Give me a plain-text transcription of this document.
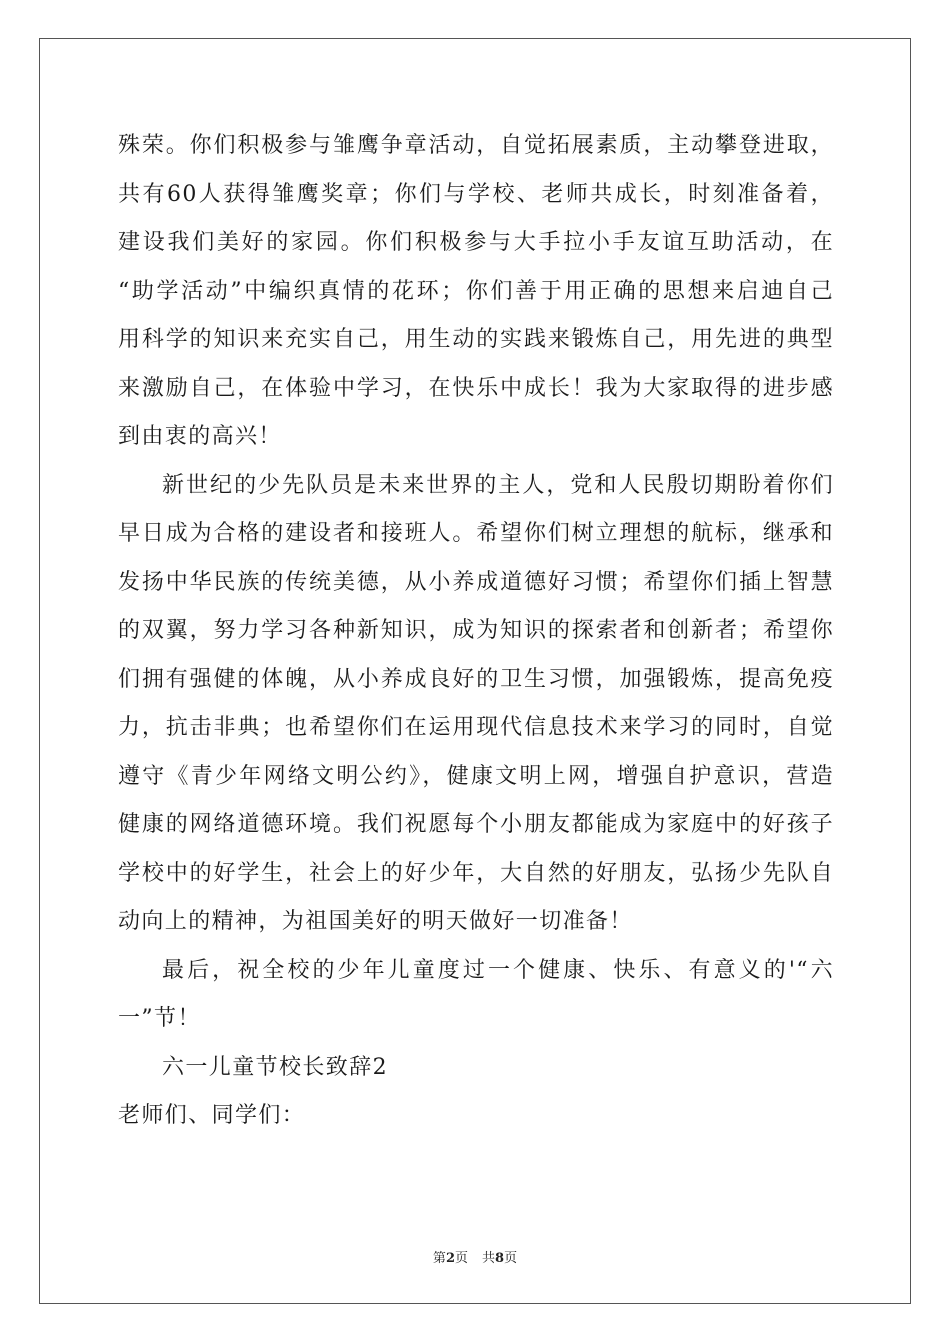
殊荣。你们积极参与雏鹰争章活动，自觉拓展素质，主动攀登进取，
共有60人获得雏鹰奖章；你们与学校、老师共成长，时刻准备着，
建设我们美好的家园。你们积极参与大手拉小手友谊互助活动，在
“助学活动”中编织真情的花环；你们善于用正确的思想来启迪自己
用科学的知识来充实自己，用生动的实践来锻炼自己，用先进的典型
来激励自己，在体验中学习，在快乐中成长！我为大家取得的进步感
到由衷的高兴！
新世纪的少先队员是未来世界的主人，党和人民殷切期盼着你们
早日成为合格的建设者和接班人。希望你们树立理想的航标，继承和
发扬中华民族的传统美德，从小养成道德好习惯；希望你们插上智慧
的双翼，努力学习各种新知识，成为知识的探索者和创新者；希望你
们拥有强健的体魄，从小养成良好的卫生习惯，加强锻炼，提高免疫
力，抗击非典；也希望你们在运用现代信息技术来学习的同时，自觉
遵守《青少年网络文明公约》，健康文明上网，增强自护意识，营造
健康的网络道德环境。我们祝愿每个小朋友都能成为家庭中的好孩子
学校中的好学生，社会上的好少年，大自然的好朋友，弘扬少先队自
动向上的精神，为祖国美好的明天做好一切准备！
最后，祝全校的少年儿童度过一个健康、快乐、有意义的'“六
一”节！
六一儿童节校长致辞2
老师们、同学们：
第2页 共8页
